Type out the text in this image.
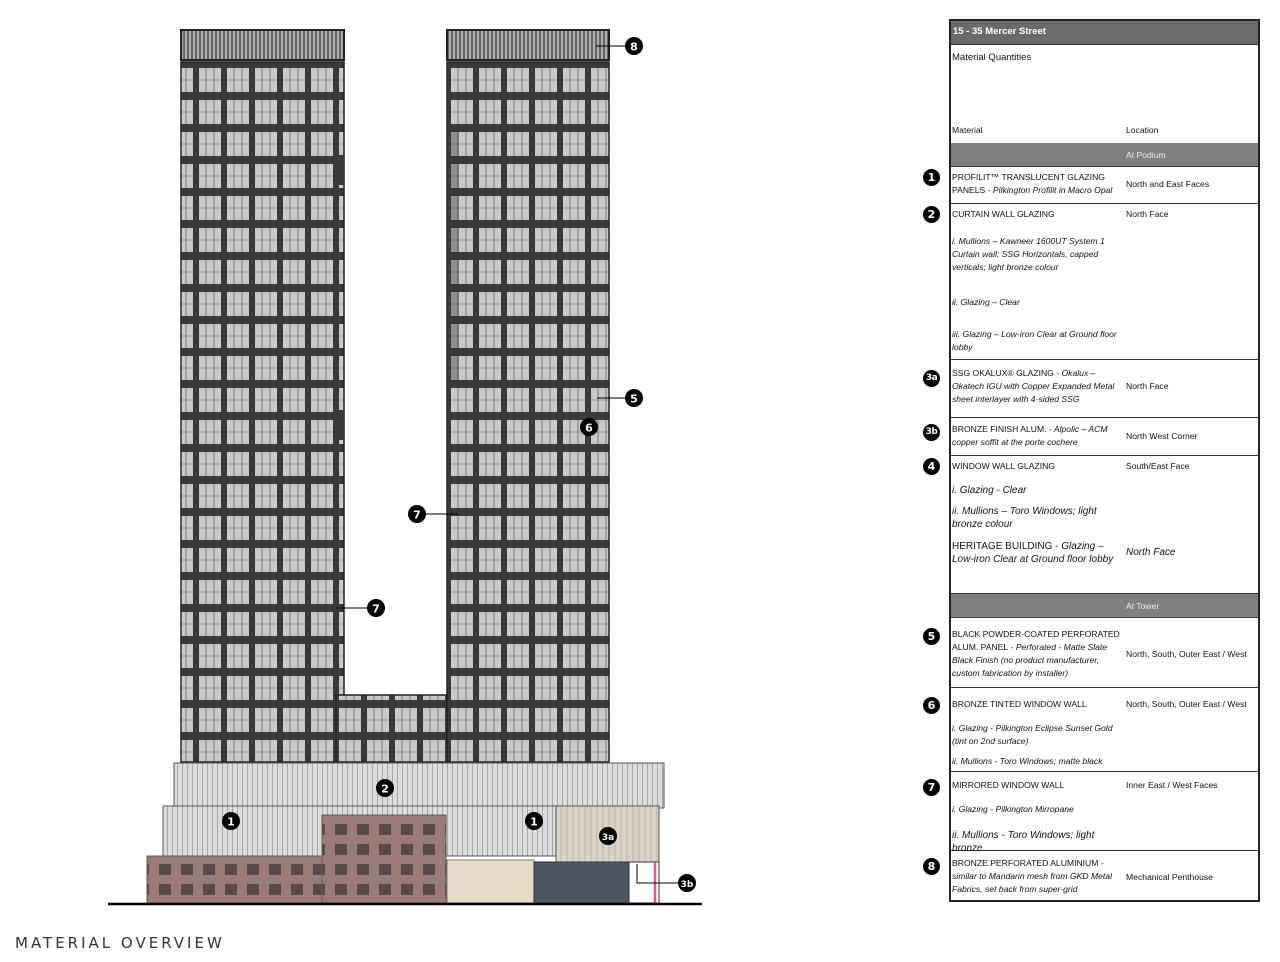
8
5
6
7
7
2
1	1
3a
3b
MATERIAL OVERVIEW
15 - 35 Mercer Street
Material Quantities
Material	Location
At Podium
PROFILIT™ TRANSLUCENT GLAZING PANELS - Pilkington Profilit in Macro Opal
North and East Faces
CURTAIN WALL GLAZING
i. Mullions – Kawneer 1600UT System 1 Curtain wall; SSG Horizontals, capped verticals; light bronze colour
ii. Glazing – Clear
iii. Glazing – Low-iron Clear at Ground floor lobby
North Face
SSG OKALUX® GLAZING - Okalux – Okatech IGU with Copper Expanded Metal sheet interlayer with 4-sided SSG
North Face
BRONZE FINISH ALUM. - Alpolic – ACM copper soffit at the porte cochere
North West Corner
WINDOW WALL GLAZING
i. Glazing - Clear
ii. Mullions – Toro Windows; light bronze colour
South/East Face
HERITAGE BUILDING - Glazing – Low-iron Clear at Ground floor lobby
North Face
At Tower
BLACK POWDER-COATED PERFORATED ALUM. PANEL - Perforated - Matte Slate Black Finish (no product manufacturer, custom fabrication by installer)
North, South, Outer East / West
BRONZE TINTED WINDOW WALL
i. Glazing - Pilkington Eclipse Sunset Gold (tint on 2nd surface)
ii. Mullions - Toro Windows; matte black
North, South, Outer East / West
MIRRORED WINDOW WALL
i. Glazing - Pilkington Mirropane
ii. Mullions - Toro Windows; light bronze
Inner East / West Faces
BRONZE PERFORATED ALUMINIUM - similar to Mandarin mesh from GKD Metal Fabrics, set back from super-grid
Mechanical Penthouse
1
2
3a
3b
4
5
6
7
8
